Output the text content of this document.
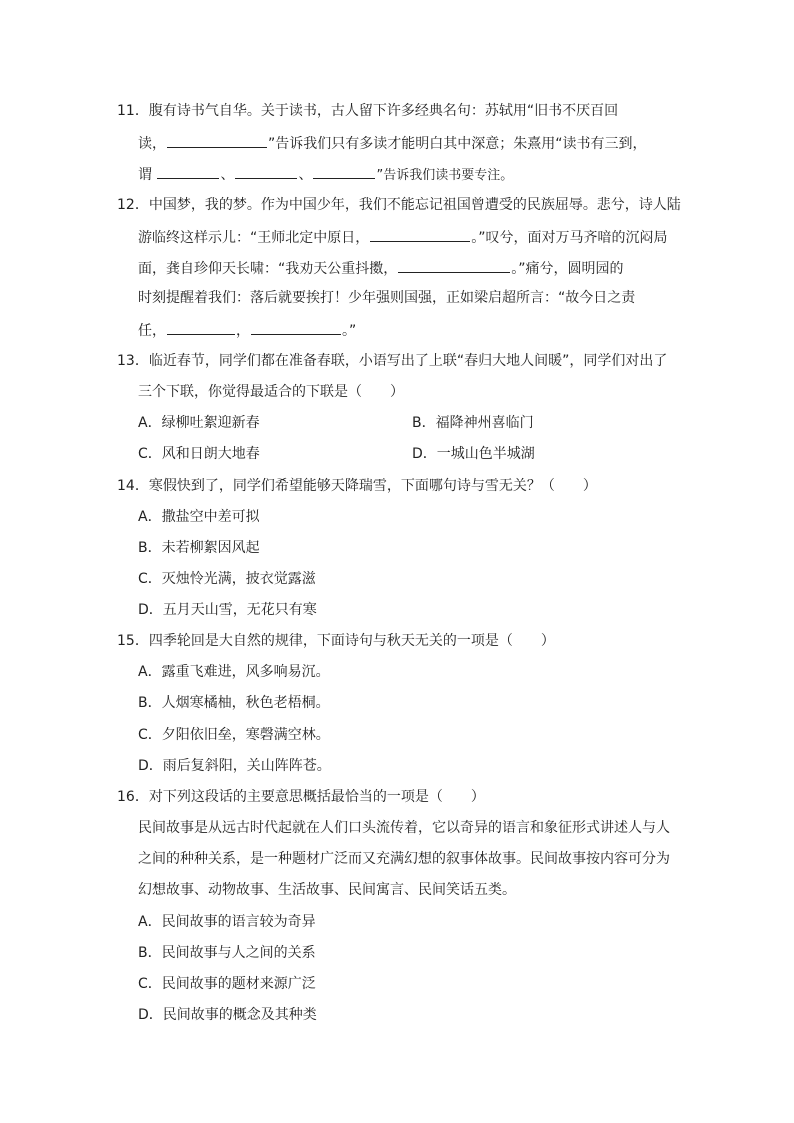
11．腹有诗书气自华。关于读书，古人留下许多经典名句：苏轼用“旧书不厌百回
读，	”告诉我们只有多读才能明白其中深意；朱熹用“读书有三到，
谓	、	、	”告诉我们读书要专注。
12．中国梦，我的梦。作为中国少年，我们不能忘记祖国曾遭受的民族屈辱。悲兮，诗人陆
游临终这样示儿：“王师北定中原日，	。”叹兮，面对万马齐喑的沉闷局
面，龚自珍仰天长啸：“我劝天公重抖擞，	。”痛兮，圆明园的
时刻提醒着我们：落后就要挨打！少年强则国强，正如梁启超所言：“故今日之责
任，	，	。”
13．临近春节，同学们都在准备春联，小语写出了上联“春归大地人间暖”，同学们对出了
三个下联，你觉得最适合的下联是（　　）
A．绿柳吐絮迎新春	B．福降神州喜临门
C．风和日朗大地春	D．一城山色半城湖
14．寒假快到了，同学们希望能够天降瑞雪，下面哪句诗与雪无关？（　　）
A．撒盐空中差可拟
B．未若柳絮因风起
C．灭烛怜光满，披衣觉露滋
D．五月天山雪，无花只有寒
15．四季轮回是大自然的规律，下面诗句与秋天无关的一项是（　　）
A．露重飞难进，风多响易沉。
B．人烟寒橘柚，秋色老梧桐。
C．夕阳依旧垒，寒磬满空林。
D．雨后复斜阳，关山阵阵苍。
16．对下列这段话的主要意思概括最恰当的一项是（　　）
民间故事是从远古时代起就在人们口头流传着，它以奇异的语言和象征形式讲述人与人
之间的种种关系，是一种题材广泛而又充满幻想的叙事体故事。民间故事按内容可分为
幻想故事、动物故事、生活故事、民间寓言、民间笑话五类。
A．民间故事的语言较为奇异
B．民间故事与人之间的关系
C．民间故事的题材来源广泛
D．民间故事的概念及其种类
